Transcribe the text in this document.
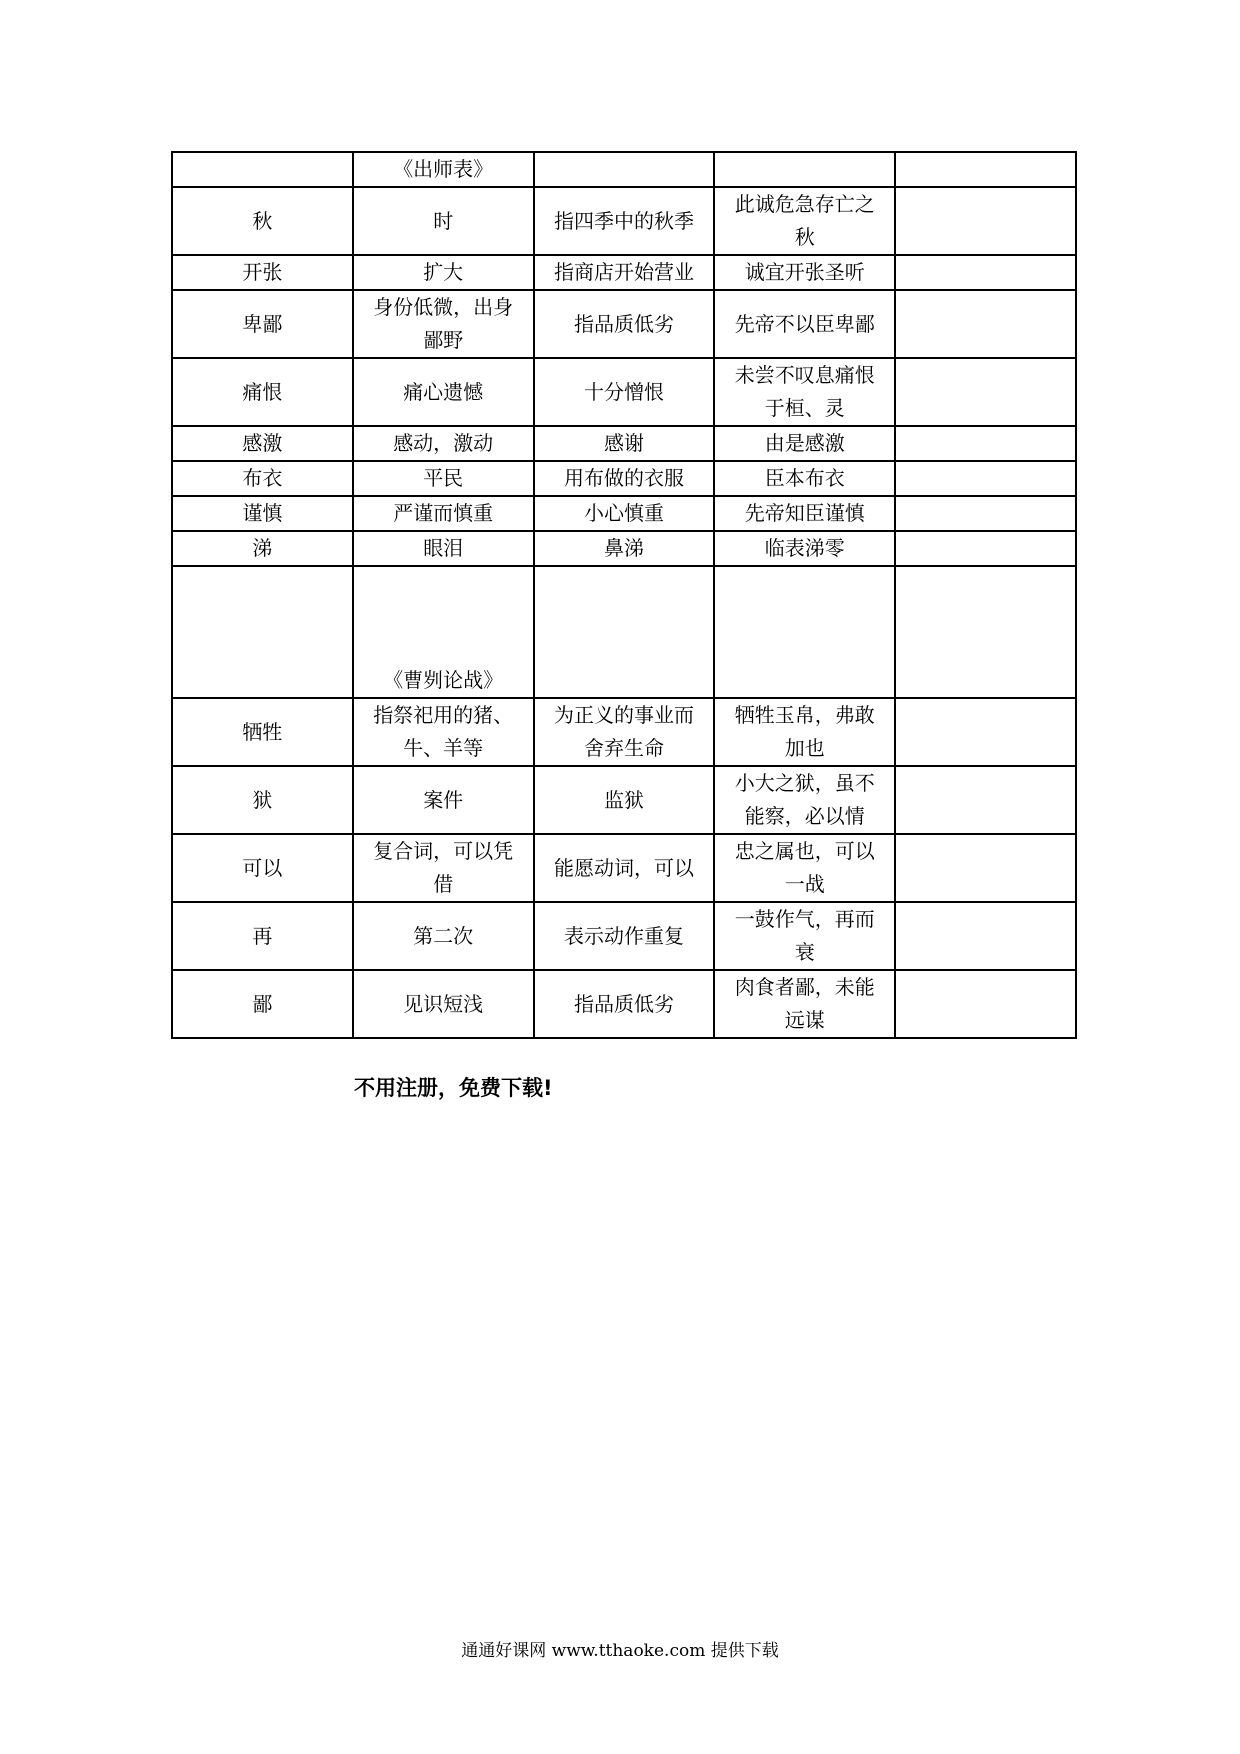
	《出师表》			
秋	时	指四季中的秋季	此诚危急存亡之秋	
开张	扩大	指商店开始营业	诚宜开张圣听	
卑鄙	身份低微，出身鄙野	指品质低劣	先帝不以臣卑鄙	
痛恨	痛心遗憾	十分憎恨	未尝不叹息痛恨于桓、灵	
感激	感动，激动	感谢	由是感激	
布衣	平民	用布做的衣服	臣本布衣	
谨慎	严谨而慎重	小心慎重	先帝知臣谨慎	
涕	眼泪	鼻涕	临表涕零	
	《曹刿论战》			
牺牲	指祭祀用的猪、牛、羊等	为正义的事业而舍弃生命	牺牲玉帛，弗敢加也	
狱	案件	监狱	小大之狱，虽不能察，必以情	
可以	复合词，可以凭借	能愿动词，可以	忠之属也，可以一战	
再	第二次	表示动作重复	一鼓作气，再而衰	
鄙	见识短浅	指品质低劣	肉食者鄙，未能远谋	
不用注册，免费下载!
通通好课网 www.tthaoke.com 提供下载
